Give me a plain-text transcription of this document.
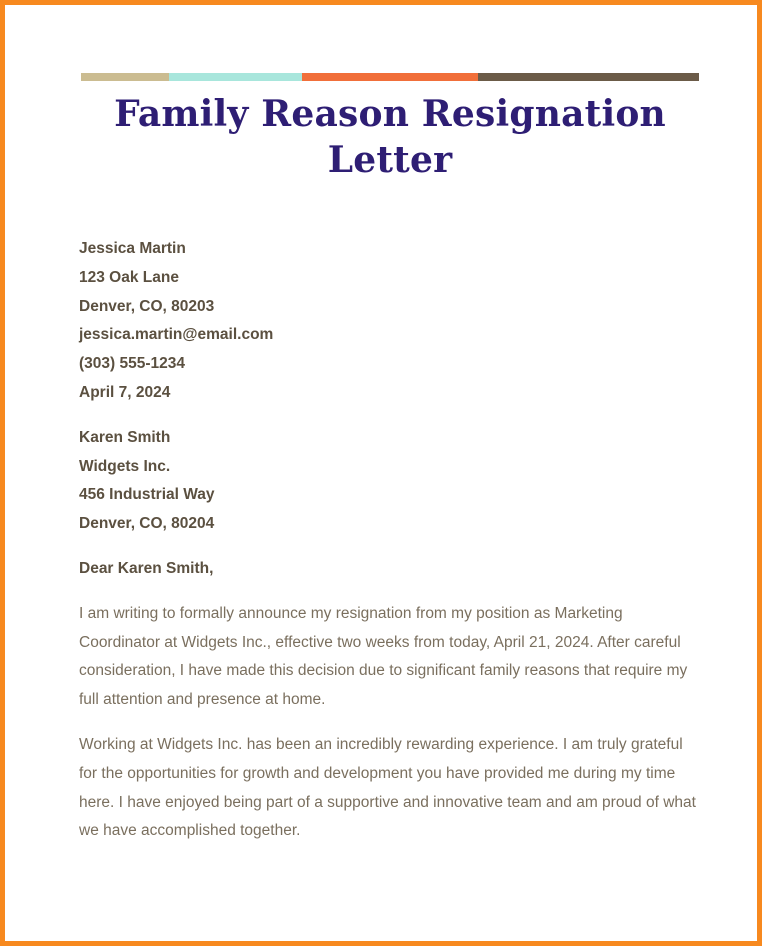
Family Reason Resignation Letter
Jessica Martin
123 Oak Lane
Denver, CO, 80203
jessica.martin@email.com
(303) 555-1234
April 7, 2024
Karen Smith
Widgets Inc.
456 Industrial Way
Denver, CO, 80204
Dear Karen Smith,

I am writing to formally announce my resignation from my position as Marketing Coordinator at Widgets Inc., effective two weeks from today, April 21, 2024. After careful consideration, I have made this decision due to significant family reasons that require my full attention and presence at home.

Working at Widgets Inc. has been an incredibly rewarding experience. I am truly grateful for the opportunities for growth and development you have provided me during my time here. I have enjoyed being part of a supportive and innovative team and am proud of what we have accomplished together.
